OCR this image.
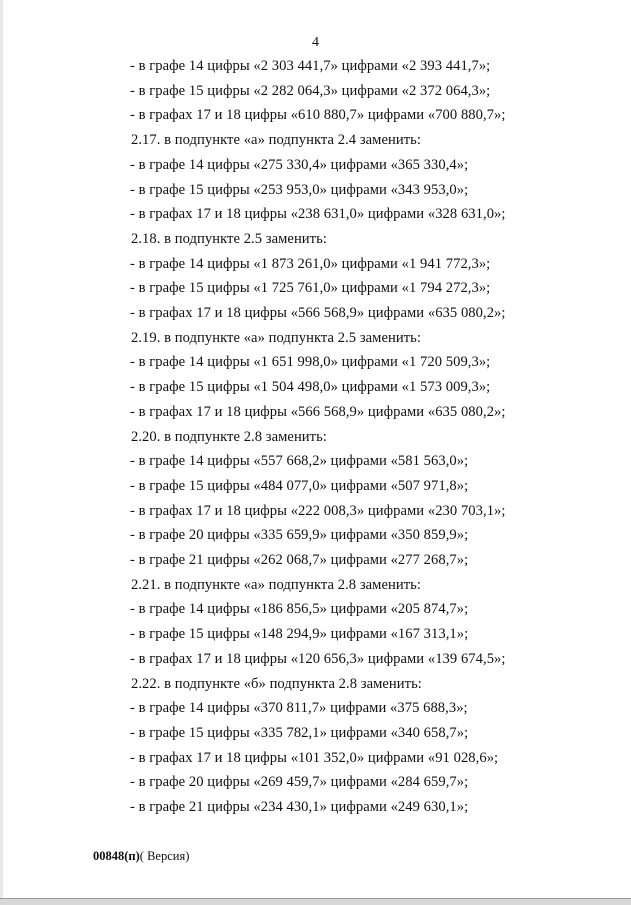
4
- в графе 14 цифры «2 303 441,7» цифрами «2 393 441,7»;
- в графе 15 цифры «2 282 064,3» цифрами «2 372 064,3»;
- в графах 17 и 18 цифры «610 880,7» цифрами «700 880,7»;
2.17. в подпункте «а» подпункта 2.4 заменить:
- в графе 14 цифры «275 330,4» цифрами «365 330,4»;
- в графе 15 цифры «253 953,0» цифрами «343 953,0»;
- в графах 17 и 18 цифры «238 631,0» цифрами «328 631,0»;
2.18. в подпункте 2.5 заменить:
- в графе 14 цифры «1 873 261,0» цифрами «1 941 772,3»;
- в графе 15 цифры «1 725 761,0» цифрами «1 794 272,3»;
- в графах 17 и 18 цифры «566 568,9» цифрами «635 080,2»;
2.19. в подпункте «а» подпункта 2.5 заменить:
- в графе 14 цифры «1 651 998,0» цифрами «1 720 509,3»;
- в графе 15 цифры «1 504 498,0» цифрами «1 573 009,3»;
- в графах 17 и 18 цифры «566 568,9» цифрами «635 080,2»;
2.20. в подпункте 2.8 заменить:
- в графе 14 цифры «557 668,2» цифрами «581 563,0»;
- в графе 15 цифры «484 077,0» цифрами «507 971,8»;
- в графах 17 и 18 цифры «222 008,3» цифрами «230 703,1»;
- в графе 20 цифры «335 659,9» цифрами «350 859,9»;
- в графе 21 цифры «262 068,7» цифрами «277 268,7»;
2.21. в подпункте «а» подпункта 2.8 заменить:
- в графе 14 цифры «186 856,5» цифрами «205 874,7»;
- в графе 15 цифры «148 294,9» цифрами «167 313,1»;
- в графах 17 и 18 цифры «120 656,3» цифрами «139 674,5»;
2.22. в подпункте «б» подпункта 2.8 заменить:
- в графе 14 цифры «370 811,7» цифрами «375 688,3»;
- в графе 15 цифры «335 782,1» цифрами «340 658,7»;
- в графах 17 и 18 цифры «101 352,0» цифрами «91 028,6»;
- в графе 20 цифры «269 459,7» цифрами «284 659,7»;
- в графе 21 цифры «234 430,1» цифрами «249 630,1»;
00848(п)( Версия)
